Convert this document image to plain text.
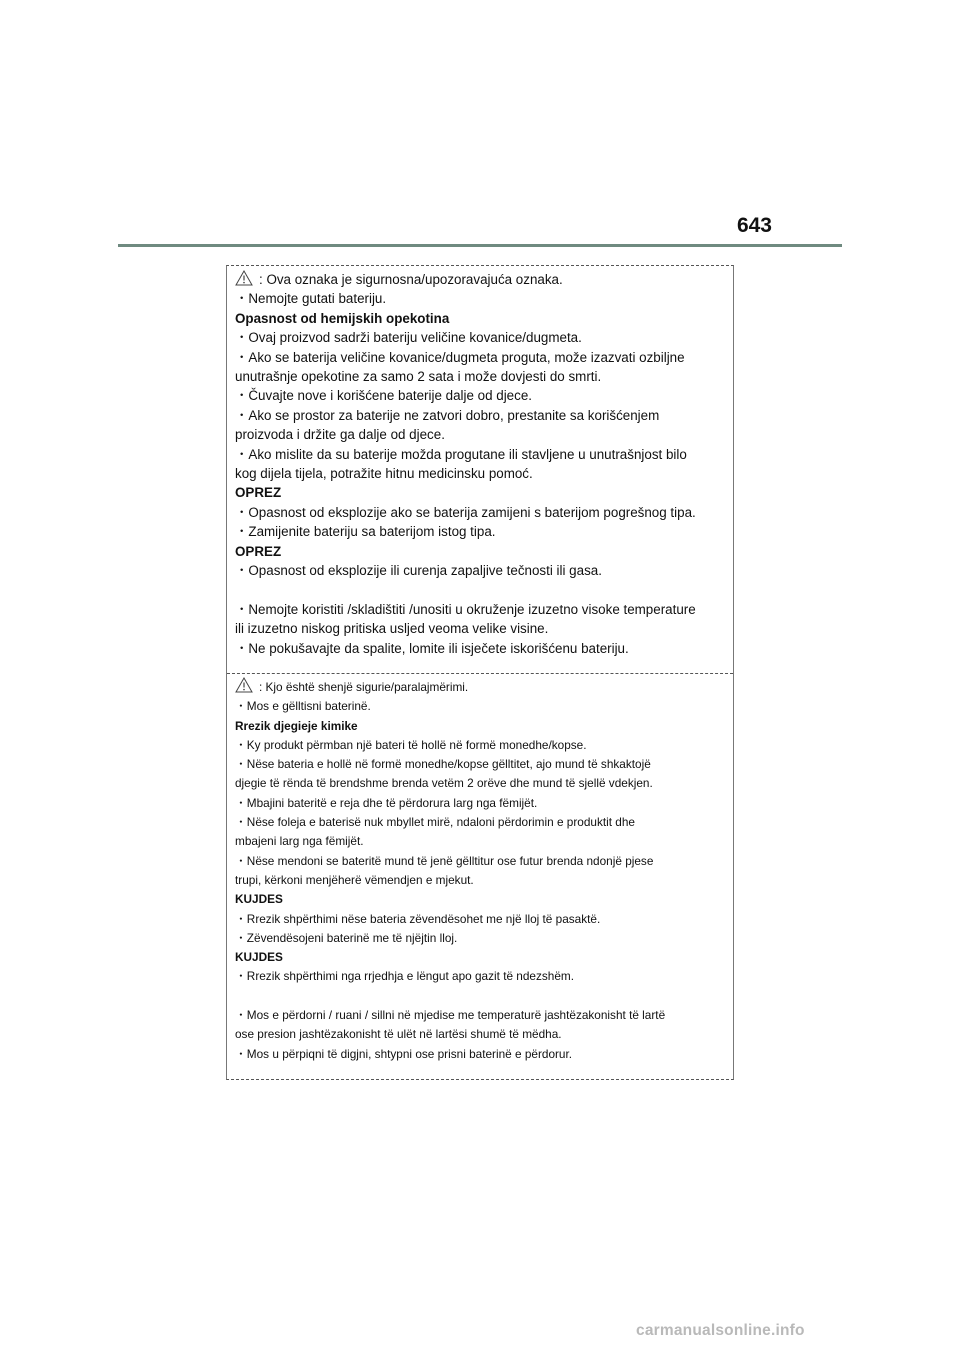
643
: Ova oznaka je sigurnosna/upozoravajuća oznaka.
・Nemojte gutati bateriju.
Opasnost od hemijskih opekotina
・Ovaj proizvod sadrži bateriju veličine kovanice/dugmeta.
・Ako se baterija veličine kovanice/dugmeta proguta, može izazvati ozbiljne
unutrašnje opekotine za samo 2 sata i može dovjesti do smrti.
・Čuvajte nove i korišćene baterije dalje od djece.
・Ako se prostor za baterije ne zatvori dobro, prestanite sa korišćenjem
proizvoda i držite ga dalje od djece.
・Ako mislite da su baterije možda progutane ili stavljene u unutrašnjost bilo
kog dijela tijela, potražite hitnu medicinsku pomoć.
OPREZ
・Opasnost od eksplozije ako se baterija zamijeni s baterijom pogrešnog tipa.
・Zamijenite bateriju sa baterijom istog tipa.
OPREZ
・Opasnost od eksplozije ili curenja zapaljive tečnosti ili gasa.
・Nemojte koristiti /skladištiti /unositi u okruženje izuzetno visoke temperature
ili izuzetno niskog pritiska usljed veoma velike visine.
・Ne pokušavajte da spalite, lomite ili isječete iskorišćenu bateriju.
: Kjo është shenjë sigurie/paralajmërimi.
・Mos e gëlltisni baterinë.
Rrezik djegieje kimike
・Ky produkt përmban një bateri të hollë në formë monedhe/kopse.
・Nëse bateria e hollë në formë monedhe/kopse gëlltitet, ajo mund të shkaktojë
djegie të rënda të brendshme brenda vetëm 2 orëve dhe mund të sjellë vdekjen.
・Mbajini bateritë e reja dhe të përdorura larg nga fëmijët.
・Nëse foleja e baterisë nuk mbyllet mirë, ndaloni përdorimin e produktit dhe
mbajeni larg nga fëmijët.
・Nëse mendoni se bateritë mund të jenë gëlltitur ose futur brenda ndonjë pjese
trupi, kërkoni menjëherë vëmendjen e mjekut.
KUJDES
・Rrezik shpërthimi nëse bateria zëvendësohet me një lloj të pasaktë.
・Zëvendësojeni baterinë me të njëjtin lloj.
KUJDES
・Rrezik shpërthimi nga rrjedhja e lëngut apo gazit të ndezshëm.
・Mos e përdorni / ruani / sillni në mjedise me temperaturë jashtëzakonisht të lartë
ose presion jashtëzakonisht të ulët në lartësi shumë të mëdha.
・Mos u përpiqni të digjni, shtypni ose prisni baterinë e përdorur.
carmanualsonline.info
